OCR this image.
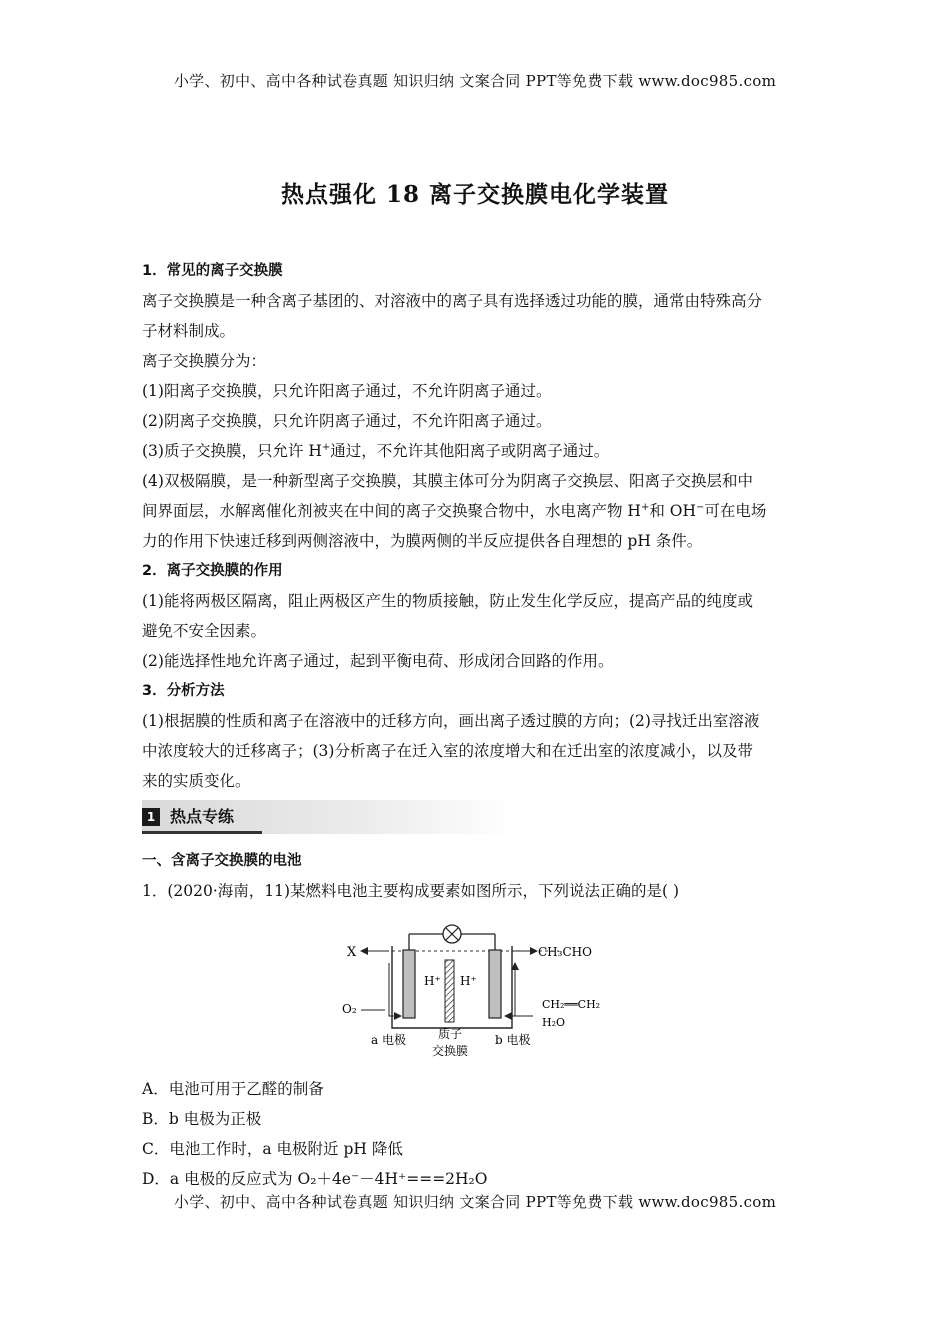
小学、初中、高中各种试卷真题 知识归纳 文案合同 PPT等免费下载 www.doc985.com
热点强化 18 离子交换膜电化学装置
1．常见的离子交换膜
离子交换膜是一种含离子基团的、对溶液中的离子具有选择透过功能的膜，通常由特殊高分
子材料制成。
离子交换膜分为：
(1)阳离子交换膜，只允许阳离子通过，不允许阴离子通过。
(2)阴离子交换膜，只允许阴离子通过，不允许阳离子通过。
(3)质子交换膜，只允许 H+通过，不允许其他阳离子或阴离子通过。
(4)双极隔膜，是一种新型离子交换膜，其膜主体可分为阴离子交换层、阳离子交换层和中
间界面层，水解离催化剂被夹在中间的离子交换聚合物中，水电离产物 H+和 OH−可在电场
力的作用下快速迁移到两侧溶液中，为膜两侧的半反应提供各自理想的 pH 条件。
2．离子交换膜的作用
(1)能将两极区隔离，阻止两极区产生的物质接触，防止发生化学反应，提高产品的纯度或
避免不安全因素。
(2)能选择性地允许离子通过，起到平衡电荷、形成闭合回路的作用。
3．分析方法
(1)根据膜的性质和离子在溶液中的迁移方向，画出离子透过膜的方向；(2)寻找迁出室溶液
中浓度较大的迁移离子；(3)分析离子在迁入室的浓度增大和在迁出室的浓度减小，以及带
来的实质变化。
1 热点专练
一、含离子交换膜的电池
1．(2020·海南，11)某燃料电池主要构成要素如图所示，下列说法正确的是( )
H⁺ H⁺
X
O₂
CH₃CHO
CH₂══CH₂
H₂O
a 电极	质子
交换膜
b 电极
A．电池可用于乙醛的制备
B．b 电极为正极
C．电池工作时，a 电极附近 pH 降低
D．a 电极的反应式为 O₂＋4e⁻－4H⁺===2H₂O
小学、初中、高中各种试卷真题 知识归纳 文案合同 PPT等免费下载 www.doc985.com
